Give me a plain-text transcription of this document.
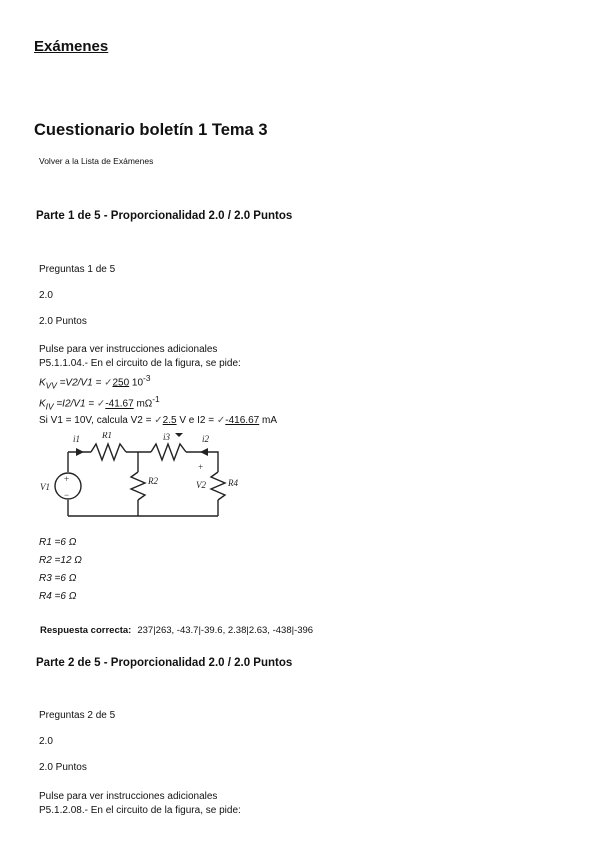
Exámenes
Cuestionario boletín 1 Tema 3
Volver a la Lista de Exámenes
Parte 1 de 5 - Proporcionalidad 2.0 / 2.0 Puntos
Preguntas 1 de 5
2.0
2.0 Puntos
Pulse para ver instrucciones adicionales
P5.1.1.04.- En el circuito de la figura, se pide:
$K_{VV} =V2/V1$ = ✓250 $10^{-3}$
$K_{IV} =I2/V1$ = ✓-41.67 $m\Omega^{-1}$
Si V1 = 10V, calcula V2 = ✓2.5 V e I2 = ✓-416.67 mA
i1 R1	i3	i2
V1
+
−
R2
+
V2 R4
R1 =6 Ω
R2 =12 Ω
R3 =6 Ω
R4 =6 Ω
Respuesta correcta: 237|263, -43.7|-39.6, 2.38|2.63, -438|-396
Parte 2 de 5 - Proporcionalidad 2.0 / 2.0 Puntos
Preguntas 2 de 5
2.0
2.0 Puntos
Pulse para ver instrucciones adicionales
P5.1.2.08.- En el circuito de la figura, se pide:
